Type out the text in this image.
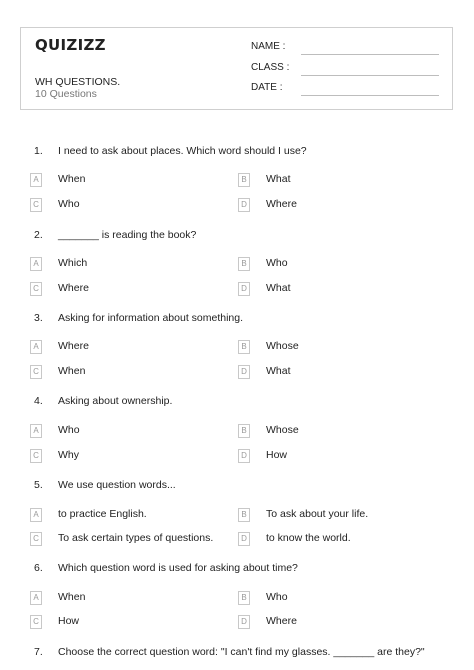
QUIZIZZ
WH QUESTIONS.
10 Questions
NAME :
CLASS :
DATE :
1. I need to ask about places. Which word should I use?
A	When	B	What
C Who	D Where
2. _______ is reading the book?
A	Which	B	Who
C Where	D What
3. Asking for information about something.
A	Where	B	Whose
C When	D What
4. Asking about ownership.
A	Who	B	Whose
C Why	D How
5. We use question words...
A	to practice English.	B	To ask about your life.
C To ask certain types of questions.	D to know the world.
6. Which question word is used for asking about time?
A	When	B	Who
C How	D Where
7. Choose the correct question word: "I can't find my glasses. _______ are they?"
